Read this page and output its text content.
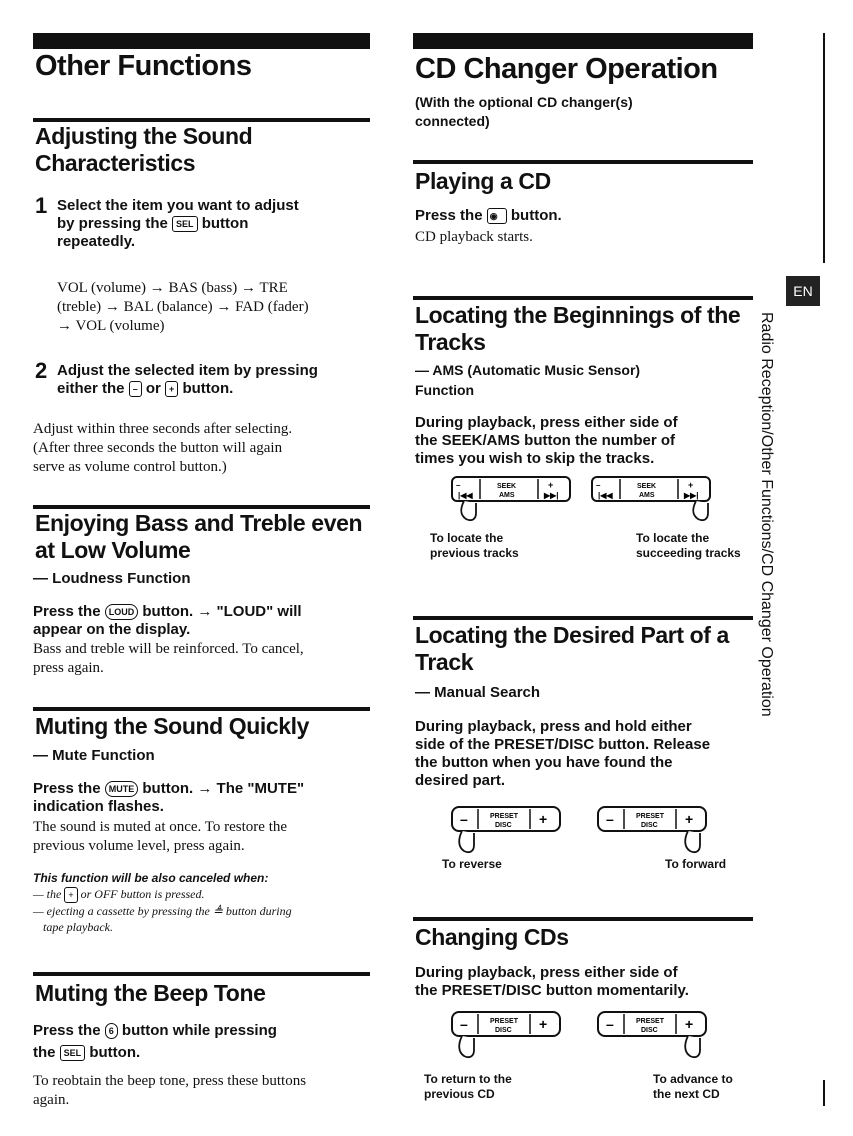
Other Functions
Adjusting the Sound
Characteristics
1 Select the item you want to adjust
by pressing the SEL button
repeatedly.
VOL (volume) → BAS (bass) → TRE
(treble) → BAL (balance) → FAD (fader)
→ VOL (volume)
2 Adjust the selected item by pressing
either the – or + button.
Adjust within three seconds after selecting.
(After three seconds the button will again
serve as volume control button.)
Enjoying Bass and Treble even
at Low Volume
— Loudness Function
Press the LOUD button. → "LOUD" will
appear on the display.
Bass and treble will be reinforced. To cancel,
press again.
Muting the Sound Quickly
— Mute Function
Press the MUTE button. → The "MUTE"
indication flashes.
The sound is muted at once. To restore the
previous volume level, press again.
This function will be also canceled when:
— the + or OFF button is pressed.
— ejecting a cassette by pressing the ≜ button during
tape playback.
Muting the Beep Tone
Press the 6 button while pressing
the SEL button.
To reobtain the beep tone, press these buttons
again.
CD Changer Operation
(With the optional CD changer(s)
connected)
Playing a CD
Press the ◉ button.
CD playback starts.
Locating the Beginnings of the
Tracks
— AMS (Automatic Music Sensor)
Function
During playback, press either side of
the SEEK/AMS button the number of
times you wish to skip the tracks.
–
|◀◀
SEEK
AMS
+
▶▶|
–
|◀◀
SEEK
AMS
+
▶▶|
To locate the
previous tracks
To locate the
succeeding tracks
Locating the Desired Part of a
Track
— Manual Search
During playback, press and hold either
side of the PRESET/DISC button. Release
the button when you have found the
desired part.
–	PRESET
DISC +	–	PRESET
DISC +
To reverse	To forward
Changing CDs
During playback, press either side of
the PRESET/DISC button momentarily.
–	PRESET
DISC +	–	PRESET
DISC +
To return to the
previous CD
To advance to
the next CD
EN
Radio Reception/Other Functions/CD Changer Operation
